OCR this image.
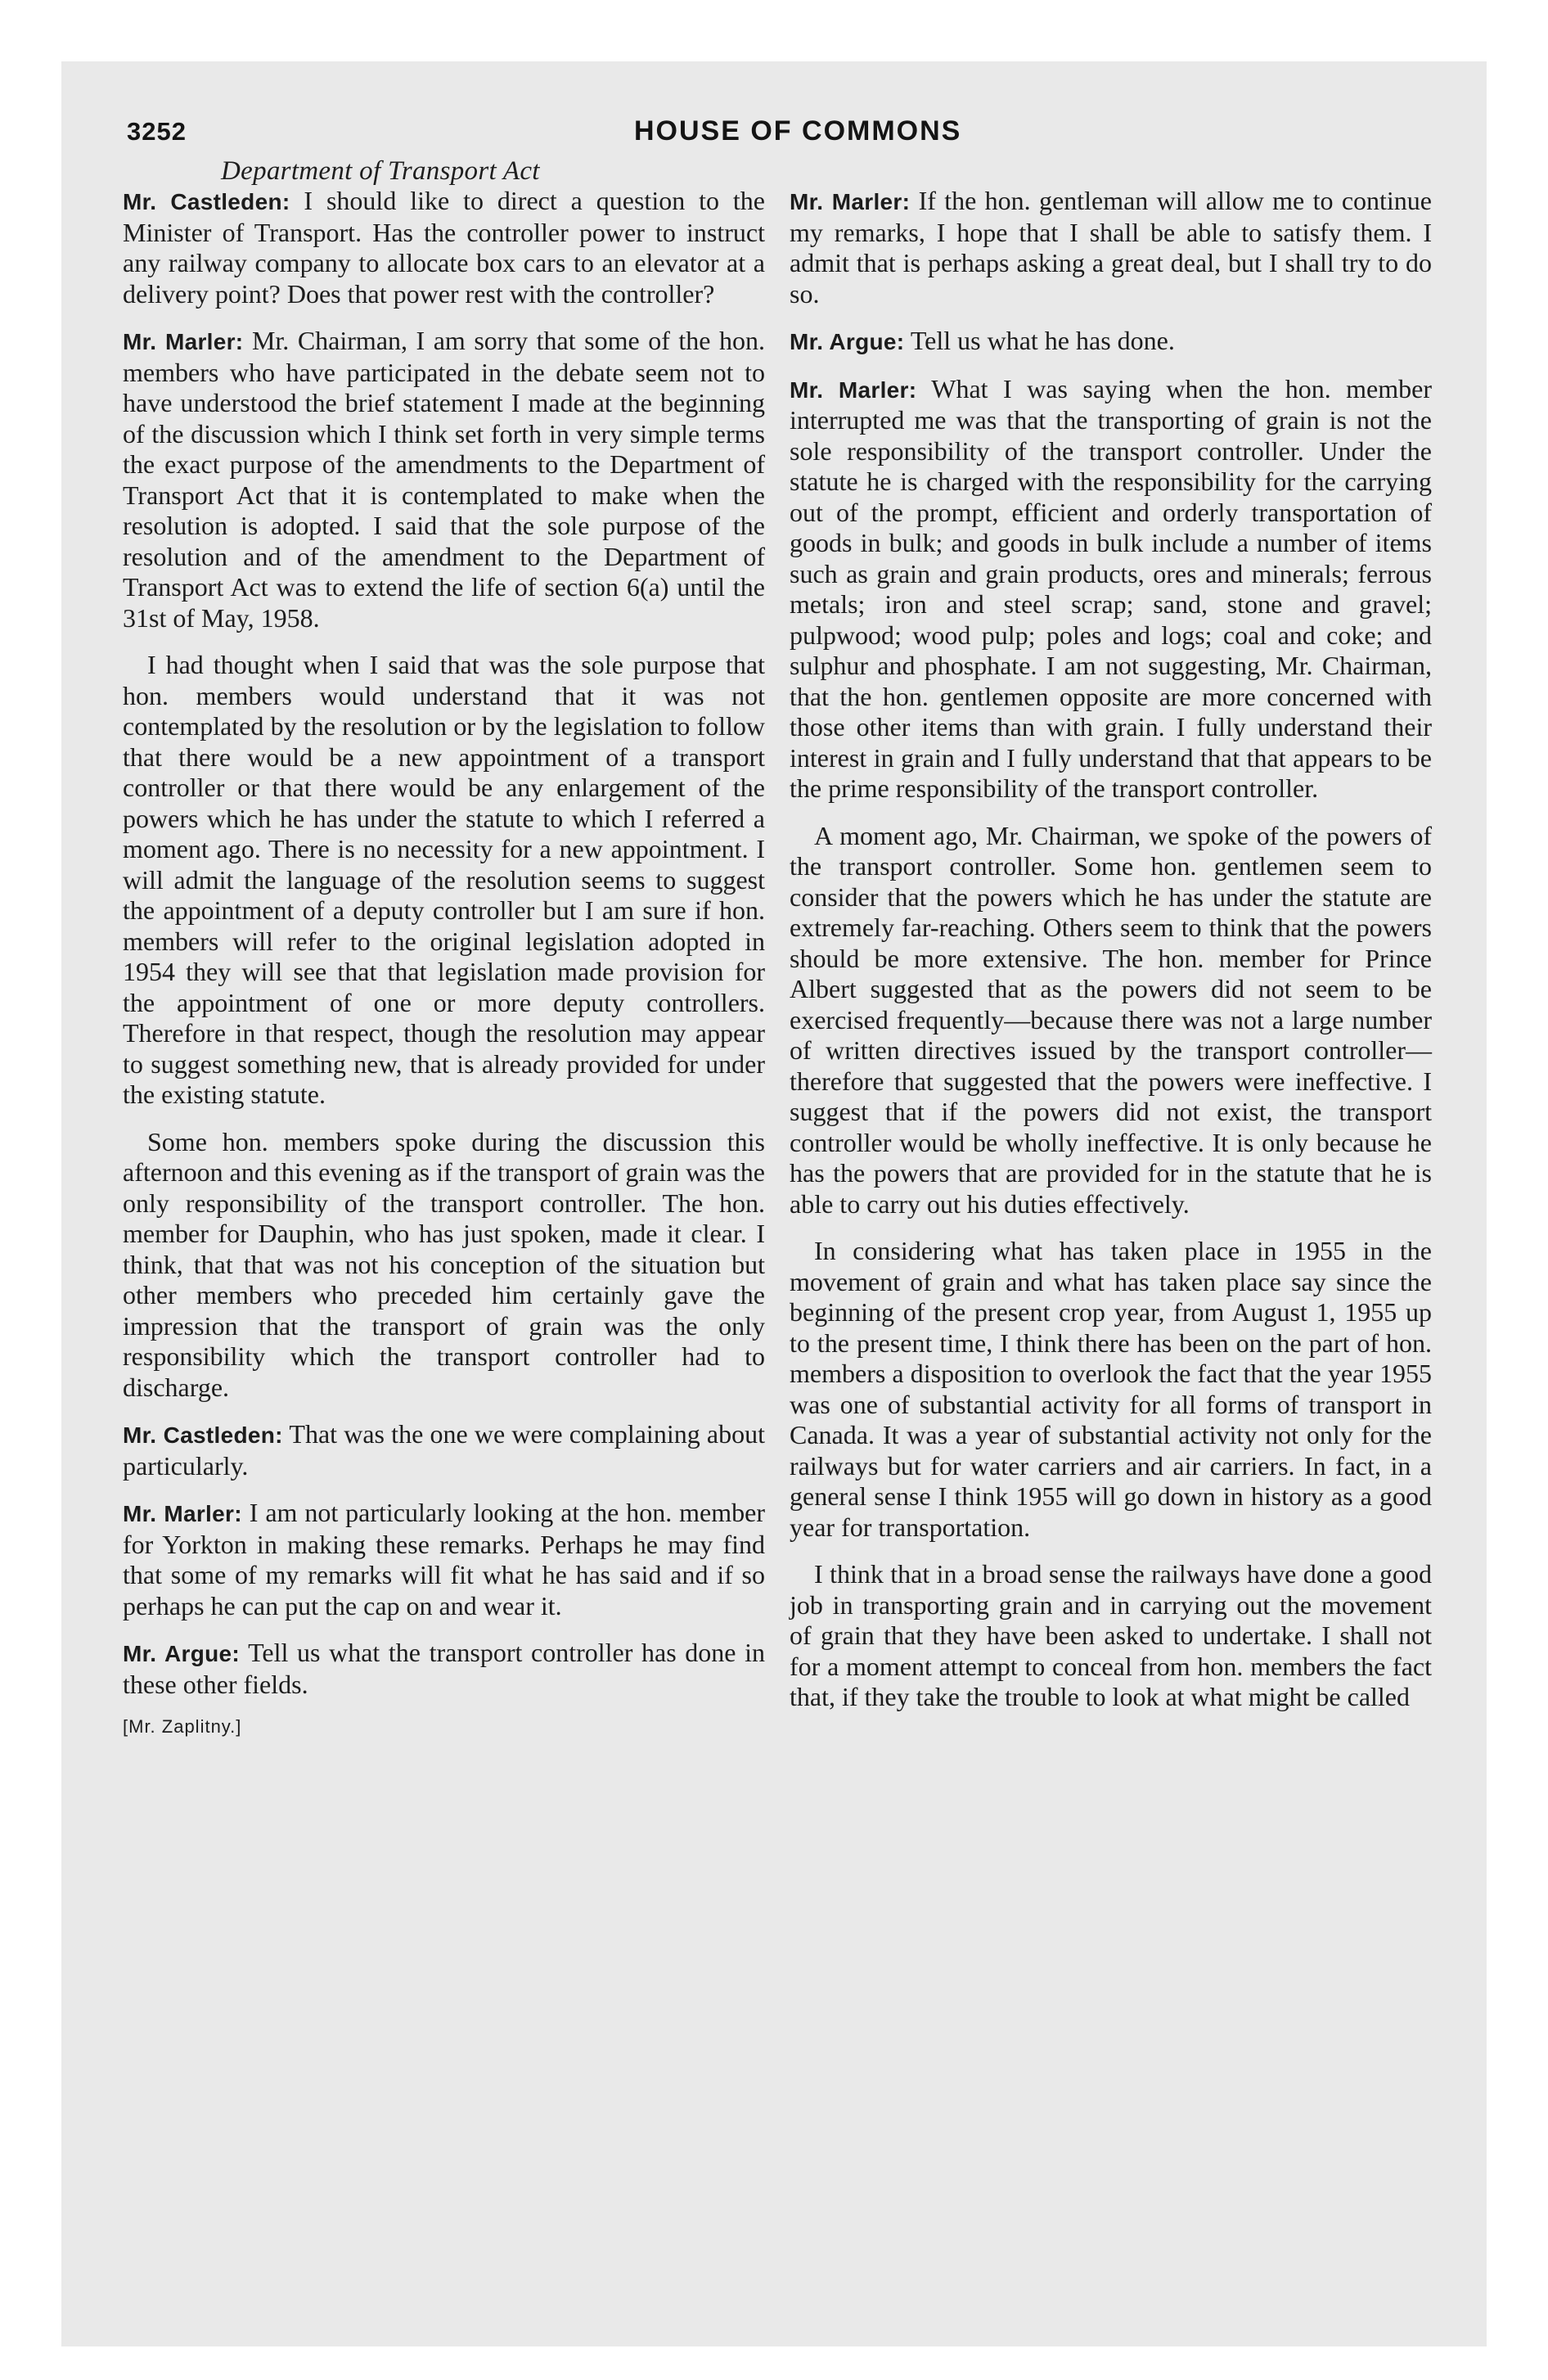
3252	HOUSE OF COMMONS
Department of Transport Act

Mr. Castleden: I should like to direct a question to the Minister of Transport. Has the controller power to instruct any railway company to allocate box cars to an elevator at a delivery point? Does that power rest with the controller?

Mr. Marler: Mr. Chairman, I am sorry that some of the hon. members who have participated in the debate seem not to have understood the brief statement I made at the beginning of the discussion which I think set forth in very simple terms the exact purpose of the amendments to the Department of Transport Act that it is contemplated to make when the resolution is adopted. I said that the sole purpose of the resolution and of the amendment to the Department of Transport Act was to extend the life of section 6(a) until the 31st of May, 1958.

I had thought when I said that was the sole purpose that hon. members would understand that it was not contemplated by the resolution or by the legislation to follow that there would be a new appointment of a transport controller or that there would be any enlargement of the powers which he has under the statute to which I referred a moment ago. There is no necessity for a new appointment. I will admit the language of the resolution seems to suggest the appointment of a deputy controller but I am sure if hon. members will refer to the original legislation adopted in 1954 they will see that that legislation made provision for the appointment of one or more deputy controllers. Therefore in that respect, though the resolution may appear to suggest something new, that is already provided for under the existing statute.

Some hon. members spoke during the discussion this afternoon and this evening as if the transport of grain was the only responsibility of the transport controller. The hon. member for Dauphin, who has just spoken, made it clear. I think, that that was not his conception of the situation but other members who preceded him certainly gave the impression that the transport of grain was the only responsibility which the transport controller had to discharge.

Mr. Castleden: That was the one we were complaining about particularly.

Mr. Marler: I am not particularly looking at the hon. member for Yorkton in making these remarks. Perhaps he may find that some of my remarks will fit what he has said and if so perhaps he can put the cap on and wear it.

Mr. Argue: Tell us what the transport controller has done in these other fields.

[Mr. Zaplitny.]

Mr. Marler: If the hon. gentleman will allow me to continue my remarks, I hope that I shall be able to satisfy them. I admit that is perhaps asking a great deal, but I shall try to do so.

Mr. Argue: Tell us what he has done.

Mr. Marler: What I was saying when the hon. member interrupted me was that the transporting of grain is not the sole responsibility of the transport controller. Under the statute he is charged with the responsibility for the carrying out of the prompt, efficient and orderly transportation of goods in bulk; and goods in bulk include a number of items such as grain and grain products, ores and minerals; ferrous metals; iron and steel scrap; sand, stone and gravel; pulpwood; wood pulp; poles and logs; coal and coke; and sulphur and phosphate. I am not suggesting, Mr. Chairman, that the hon. gentlemen opposite are more concerned with those other items than with grain. I fully understand their interest in grain and I fully understand that that appears to be the prime responsibility of the transport controller.

A moment ago, Mr. Chairman, we spoke of the powers of the transport controller. Some hon. gentlemen seem to consider that the powers which he has under the statute are extremely far-reaching. Others seem to think that the powers should be more extensive. The hon. member for Prince Albert suggested that as the powers did not seem to be exercised frequently—because there was not a large number of written directives issued by the transport controller—therefore that suggested that the powers were ineffective. I suggest that if the powers did not exist, the transport controller would be wholly ineffective. It is only because he has the powers that are provided for in the statute that he is able to carry out his duties effectively.

In considering what has taken place in 1955 in the movement of grain and what has taken place say since the beginning of the present crop year, from August 1, 1955 up to the present time, I think there has been on the part of hon. members a disposition to overlook the fact that the year 1955 was one of substantial activity for all forms of transport in Canada. It was a year of substantial activity not only for the railways but for water carriers and air carriers. In fact, in a general sense I think 1955 will go down in history as a good year for transportation.

I think that in a broad sense the railways have done a good job in transporting grain and in carrying out the movement of grain that they have been asked to undertake. I shall not for a moment attempt to conceal from hon. members the fact that, if they take the trouble to look at what might be called
